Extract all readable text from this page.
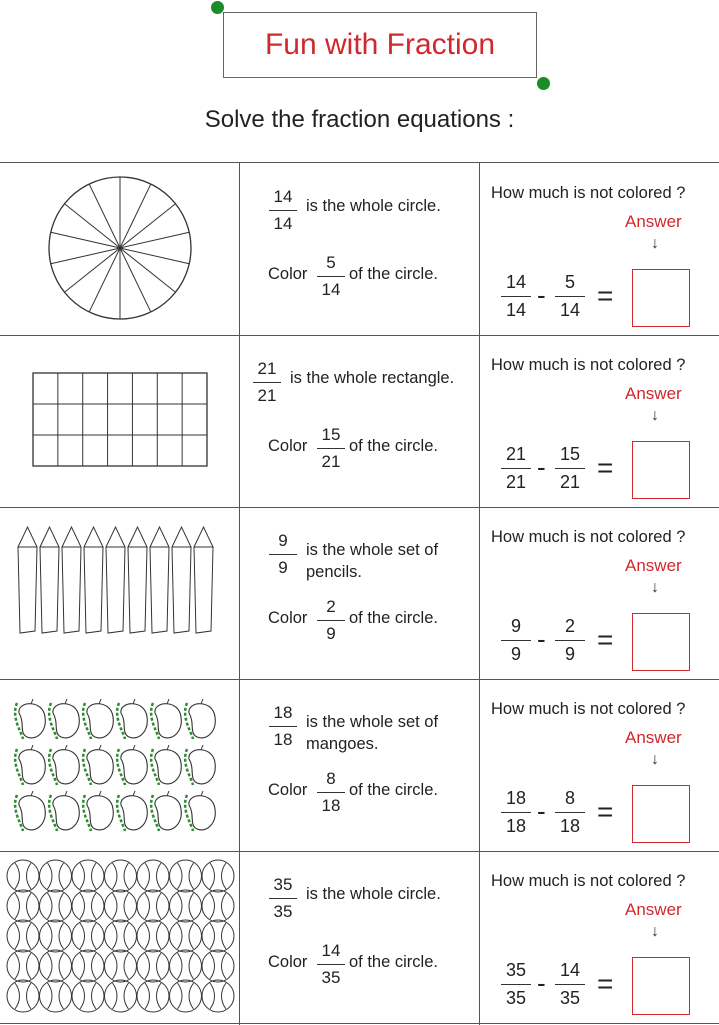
Fun with Fraction
Solve the fraction equations :
14
14
is the whole circle.
Color
5
14
of the circle.
How much is not colored ?
Answer
↓
14
14 -	5
14 =
21
21
is the whole rectangle.
Color
15
21
of the circle.
How much is not colored ?
Answer
↓
21
21 - 15
21 =
9
9
is the whole set of
pencils.
Color
2
9
of the circle.
How much is not colored ?
Answer
↓
9
9 -	2
9 =
18
18
is the whole set of
mangoes.
Color
8
18
of the circle.
How much is not colored ?
Answer
↓
18
18 -	8
18 =
35
35
is the whole circle.
Color
14
35
of the circle.
How much is not colored ?
Answer
↓
35
35 - 14
35 =
